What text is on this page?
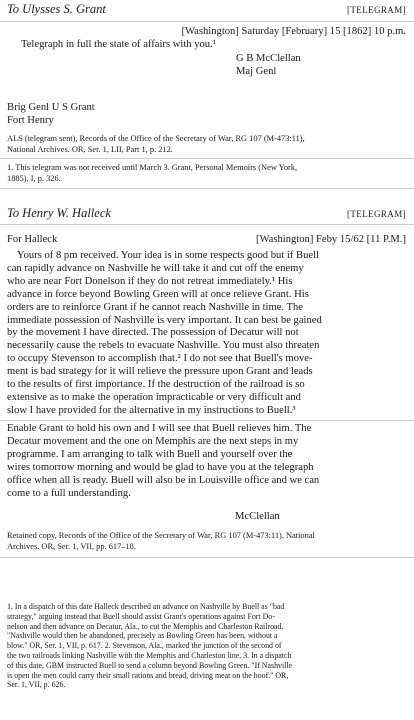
To Ulysses S. Grant	[TELEGRAM]
[Washington] Saturday [February] 15 [1862] 10 p.m.
Telegraph in full the state of affairs with you.¹
G B McClellan
Maj Genl
Brig Genl U S Grant
Fort Henry
ALS (telegram sent), Records of the Office of the Secretary of War, RG 107 (M-473:11),
National Archives. OR, Ser. 1, LII, Part 1, p. 212.
1. This telegram was not received until March 3. Grant, Personal Memoirs (New York,
1885), I, p. 326.
To Henry W. Halleck	[TELEGRAM]
For Halleck	[Washington] Feby 15/62 [11 P.M.]
Yours of 8 pm received. Your idea is in some respects good but if Buell
can rapidly advance on Nashville he will take it and cut off the enemy
who are near Fort Donelson if they do not retreat immediately.¹ His
advance in force beyond Bowling Green will at once relieve Grant. His
orders are to reinforce Grant if he cannot reach Nashville in time. The
immediate possession of Nashville is very important. It can best be gained
by the movement I have directed. The possession of Decatur will not
necessarily cause the rebels to evacuate Nashville. You must also threaten
to occupy Stevenson to accomplish that.² I do not see that Buell's move-
ment is bad strategy for it will relieve the pressure upon Grant and leads
to the results of first importance. If the destruction of the railroad is so
extensive as to make the operation impracticable or very difficult and
slow I have provided for the alternative in my instructions to Buell.³
Enable Grant to hold his own and I will see that Buell relieves him. The
Decatur movement and the one on Memphis are the next steps in my
programme. I am arranging to talk with Buell and yourself over the
wires tomorrow morning and would be glad to have you at the telegraph
office when all is ready. Buell will also be in Louisville office and we can
come to a full understanding.
McClellan
Retained copy, Records of the Office of the Secretary of War, RG 107 (M-473:11), National
Archives. OR, Ser. 1, VII, pp. 617–18.
1. In a dispatch of this date Halleck described an advance on Nashville by Buell as "bad
strategy," arguing instead that Buell should assist Grant's operations against Fort Do-
nelson and then advance on Decatur, Ala., to cut the Memphis and Charleston Railroad.
"Nashville would then be abandoned, precisely as Bowling Green has been, without a
blow." OR, Ser. 1, VII, p. 617. 2. Stevenson, Ala., marked the junction of the second of
the two railroads linking Nashville with the Memphis and Charleston line. 3. In a dispatch
of this date, GBM instructed Buell to send a column beyond Bowling Green. "If Nashville
is open the men could carry their small rations and bread, driving meat on the hoof." OR,
Ser. 1, VII, p. 626.
